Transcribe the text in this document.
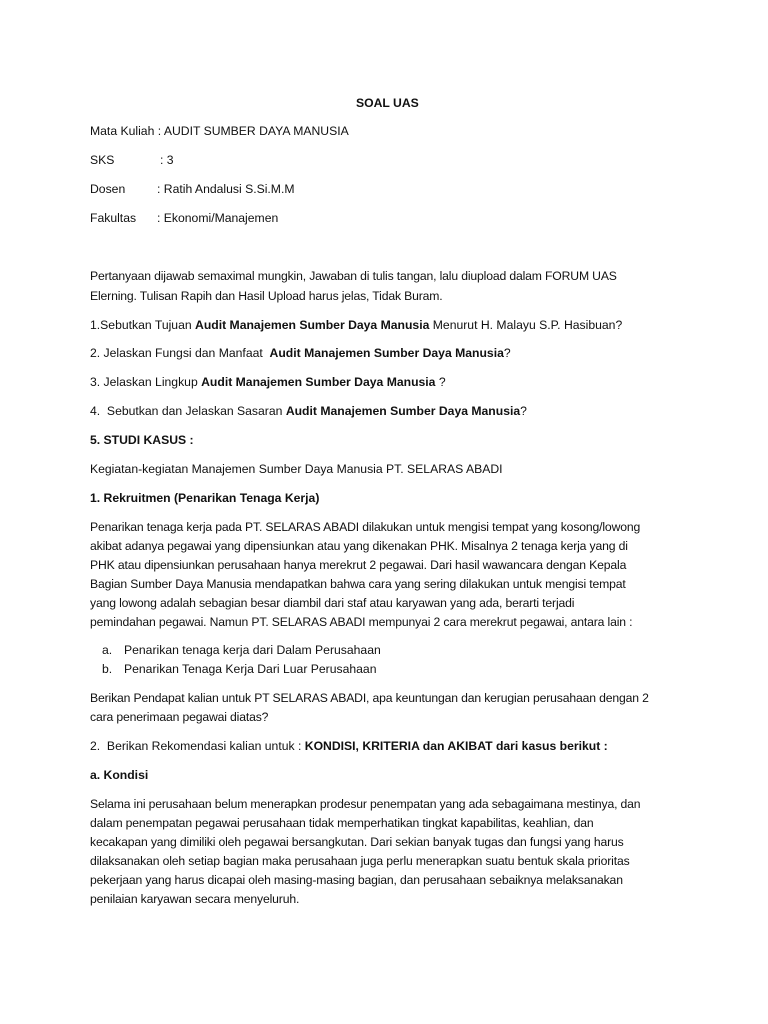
SOAL UAS
Mata Kuliah : AUDIT SUMBER DAYA MANUSIA
SKS	: 3
Dosen	: Ratih Andalusi S.Si.M.M
Fakultas : Ekonomi/Manajemen
Pertanyaan dijawab semaximal mungkin, Jawaban di tulis tangan, lalu diupload dalam FORUM UAS
Elerning. Tulisan Rapih dan Hasil Upload harus jelas, Tidak Buram.
1.Sebutkan Tujuan Audit Manajemen Sumber Daya Manusia Menurut H. Malayu S.P. Hasibuan?
2. Jelaskan Fungsi dan Manfaat  Audit Manajemen Sumber Daya Manusia?
3. Jelaskan Lingkup Audit Manajemen Sumber Daya Manusia ?
4.  Sebutkan dan Jelaskan Sasaran Audit Manajemen Sumber Daya Manusia?
5. STUDI KASUS :
Kegiatan-kegiatan Manajemen Sumber Daya Manusia PT. SELARAS ABADI
1. Rekruitmen (Penarikan Tenaga Kerja)
Penarikan tenaga kerja pada PT. SELARAS ABADI dilakukan untuk mengisi tempat yang kosong/lowong
akibat adanya pegawai yang dipensiunkan atau yang dikenakan PHK. Misalnya 2 tenaga kerja yang di
PHK atau dipensiunkan perusahaan hanya merekrut 2 pegawai. Dari hasil wawancara dengan Kepala
Bagian Sumber Daya Manusia mendapatkan bahwa cara yang sering dilakukan untuk mengisi tempat
yang lowong adalah sebagian besar diambil dari staf atau karyawan yang ada, berarti terjadi
pemindahan pegawai. Namun PT. SELARAS ABADI mempunyai 2 cara merekrut pegawai, antara lain :
a. Penarikan tenaga kerja dari Dalam Perusahaan
b. Penarikan Tenaga Kerja Dari Luar Perusahaan
Berikan Pendapat kalian untuk PT SELARAS ABADI, apa keuntungan dan kerugian perusahaan dengan 2
cara penerimaan pegawai diatas?
2.  Berikan Rekomendasi kalian untuk : KONDISI, KRITERIA dan AKIBAT dari kasus berikut :
a. Kondisi
Selama ini perusahaan belum menerapkan prodesur penempatan yang ada sebagaimana mestinya, dan
dalam penempatan pegawai perusahaan tidak memperhatikan tingkat kapabilitas, keahlian, dan
kecakapan yang dimiliki oleh pegawai bersangkutan. Dari sekian banyak tugas dan fungsi yang harus
dilaksanakan oleh setiap bagian maka perusahaan juga perlu menerapkan suatu bentuk skala prioritas
pekerjaan yang harus dicapai oleh masing-masing bagian, dan perusahaan sebaiknya melaksanakan
penilaian karyawan secara menyeluruh.
